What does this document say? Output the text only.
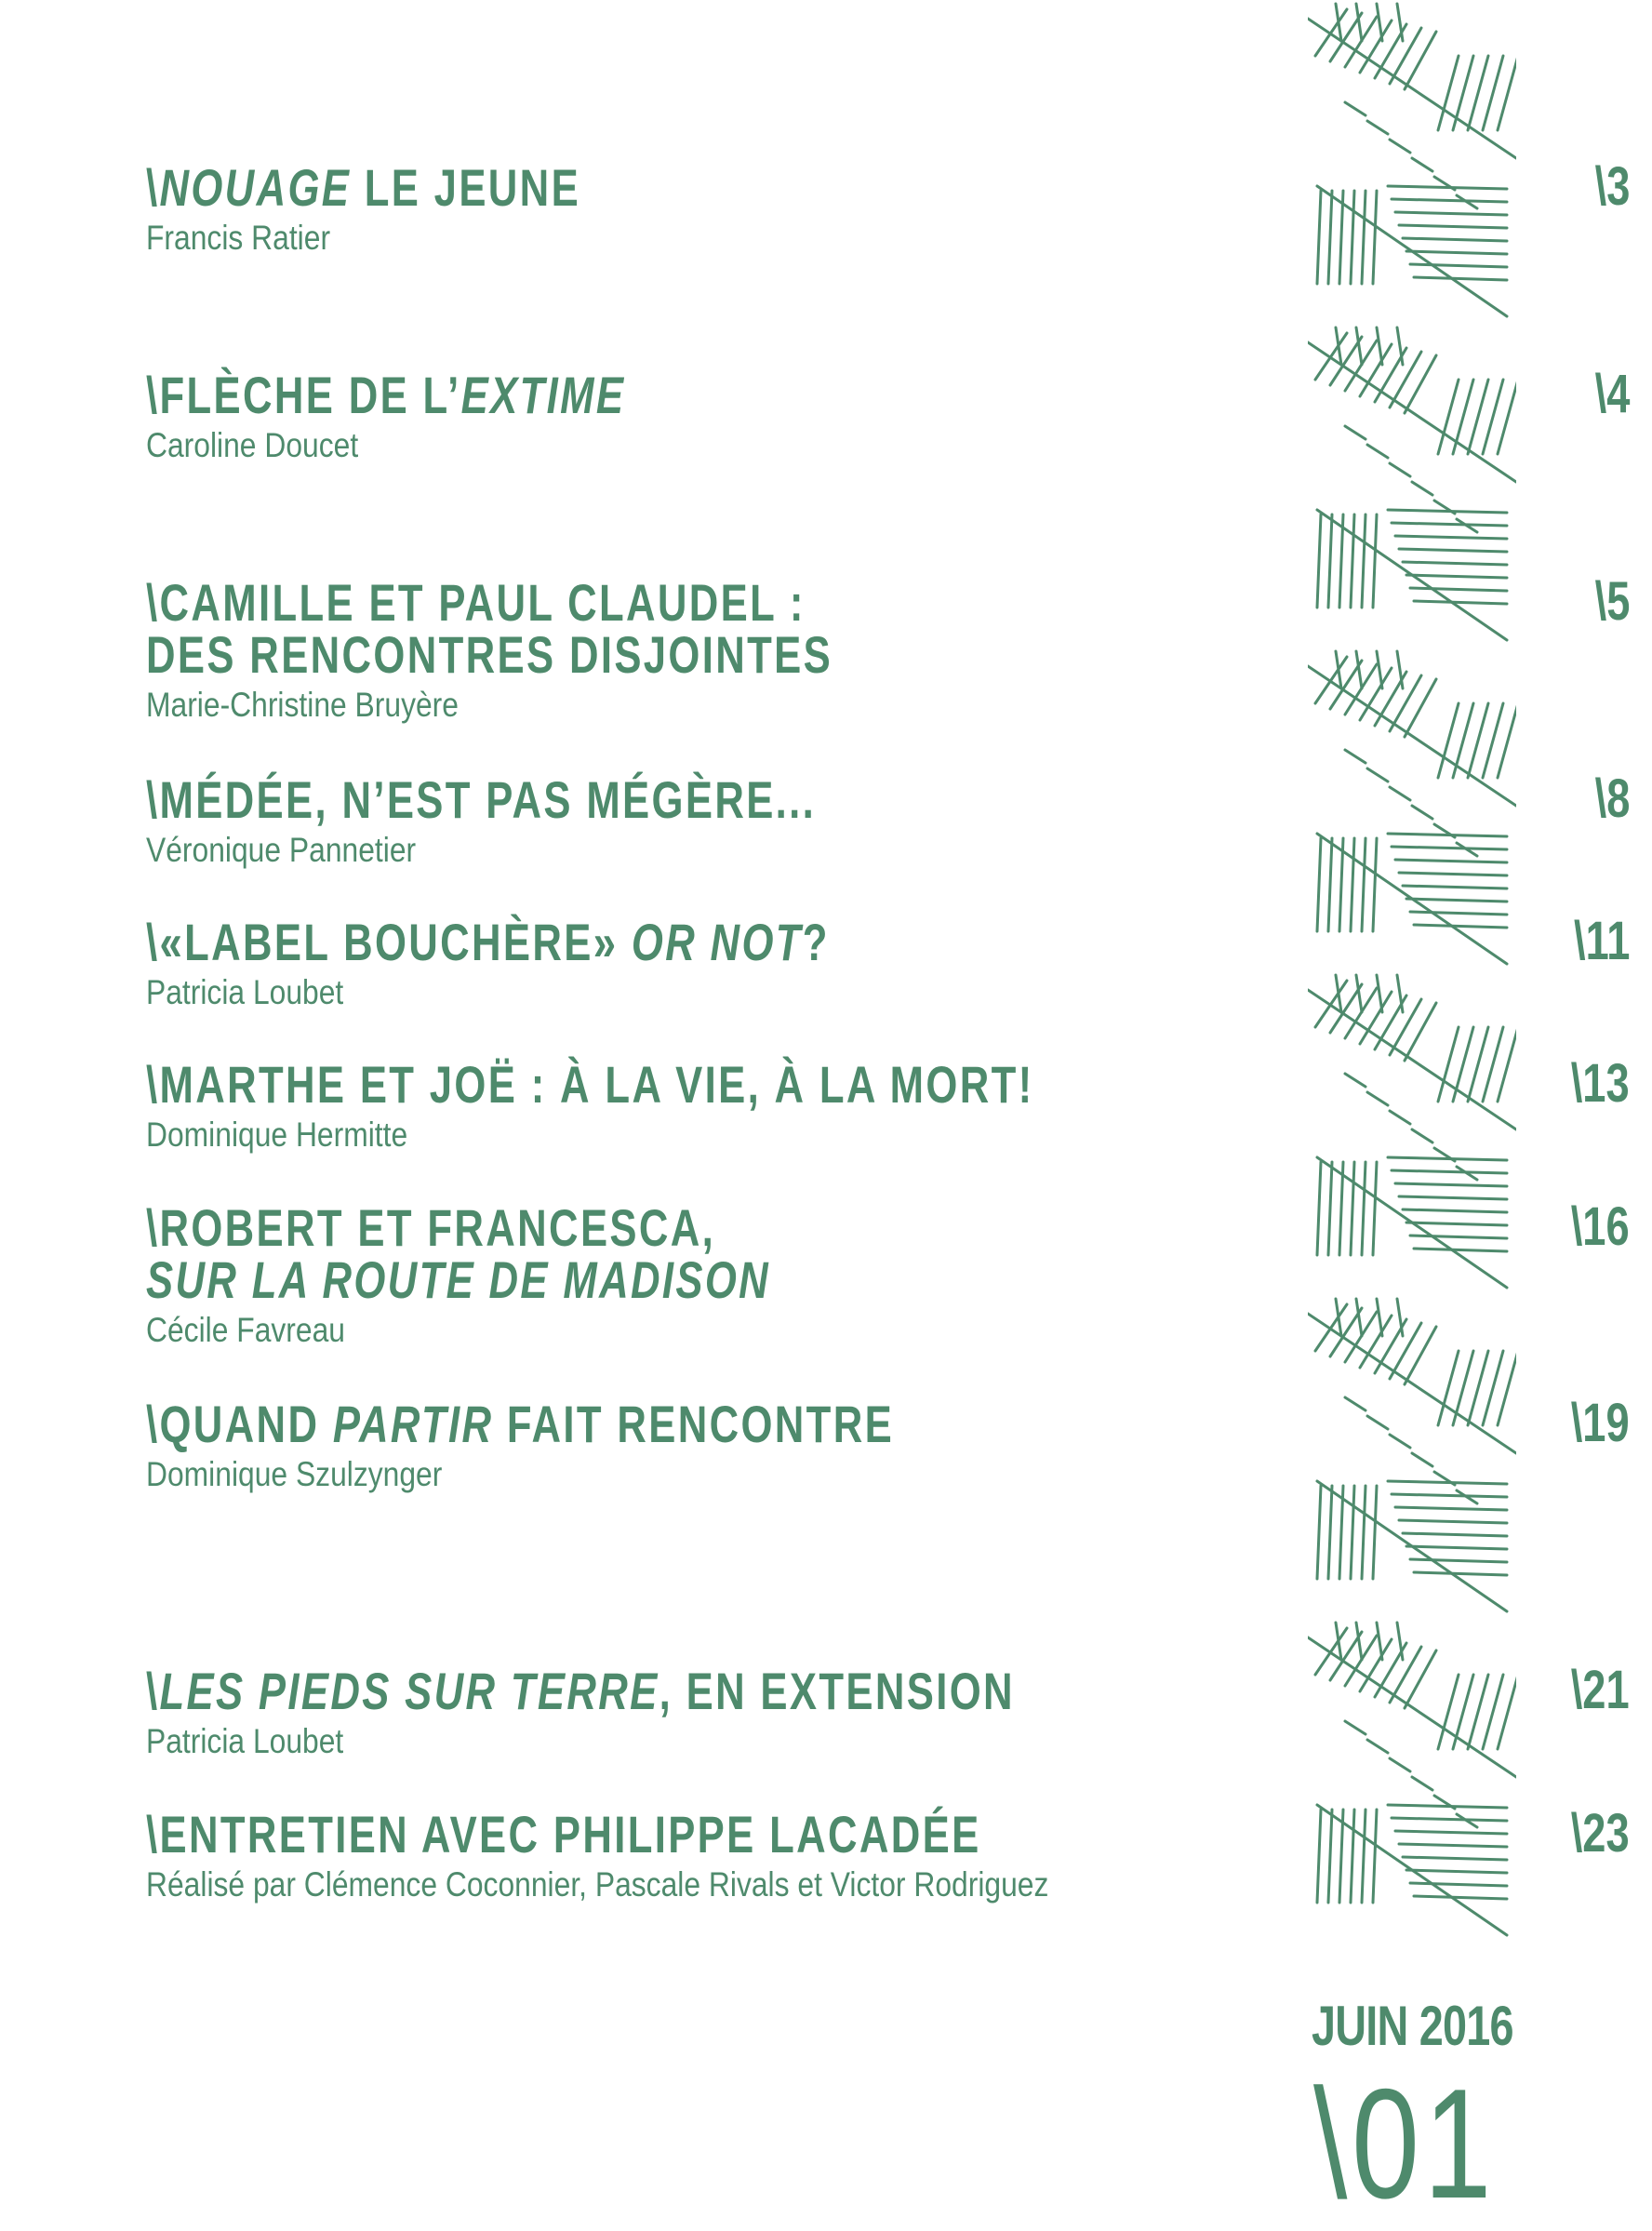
\NOUAGE LE JEUNE
Francis Ratier
\FLÈCHE DE L’EXTIME
Caroline Doucet
\CAMILLE ET PAUL CLAUDEL :
DES RENCONTRES DISJOINTES
Marie-Christine Bruyère
\MÉDÉE, N’EST PAS MÉGÈRE...
Véronique Pannetier
\«LABEL BOUCHÈRE» OR NOT?
Patricia Loubet
\MARTHE ET JOË : À LA VIE, À LA MORT!
Dominique Hermitte
\ROBERT ET FRANCESCA,
SUR LA ROUTE DE MADISON
Cécile Favreau
\QUAND PARTIR FAIT RENCONTRE
Dominique Szulzynger
\LES PIEDS SUR TERRE, EN EXTENSION
Patricia Loubet
\ENTRETIEN AVEC PHILIPPE LACADÉE
Réalisé par Clémence Coconnier, Pascale Rivals et Victor Rodriguez
JUIN 2016
\01
\3
\4
\5
\8
\11
\13
\16
\19
\21
\23
